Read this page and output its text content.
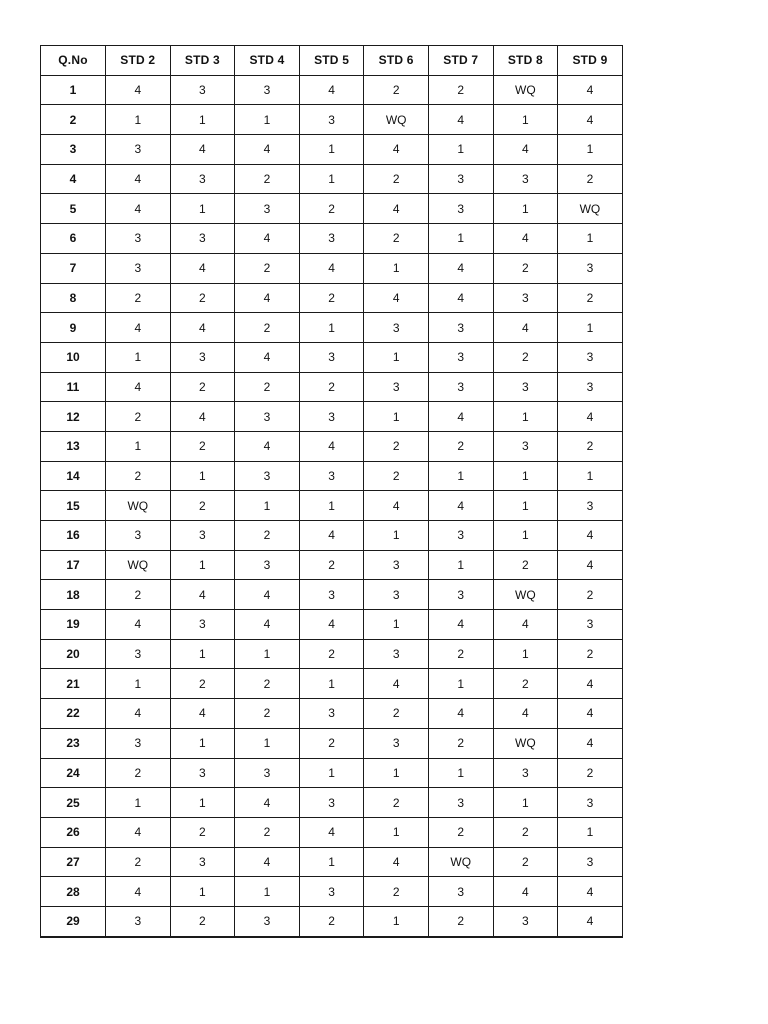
Q.No	STD 2	STD 3	STD 4	STD 5	STD 6	STD 7	STD 8	STD 9
1	4	3	3	4	2	2	WQ	4
2	1	1	1	3	WQ	4	1	4
3	3	4	4	1	4	1	4	1
4	4	3	2	1	2	3	3	2
5	4	1	3	2	4	3	1	WQ
6	3	3	4	3	2	1	4	1
7	3	4	2	4	1	4	2	3
8	2	2	4	2	4	4	3	2
9	4	4	2	1	3	3	4	1
10	1	3	4	3	1	3	2	3
11	4	2	2	2	3	3	3	3
12	2	4	3	3	1	4	1	4
13	1	2	4	4	2	2	3	2
14	2	1	3	3	2	1	1	1
15	WQ	2	1	1	4	4	1	3
16	3	3	2	4	1	3	1	4
17	WQ	1	3	2	3	1	2	4
18	2	4	4	3	3	3	WQ	2
19	4	3	4	4	1	4	4	3
20	3	1	1	2	3	2	1	2
21	1	2	2	1	4	1	2	4
22	4	4	2	3	2	4	4	4
23	3	1	1	2	3	2	WQ	4
24	2	3	3	1	1	1	3	2
25	1	1	4	3	2	3	1	3
26	4	2	2	4	1	2	2	1
27	2	3	4	1	4	WQ	2	3
28	4	1	1	3	2	3	4	4
29	3	2	3	2	1	2	3	4
